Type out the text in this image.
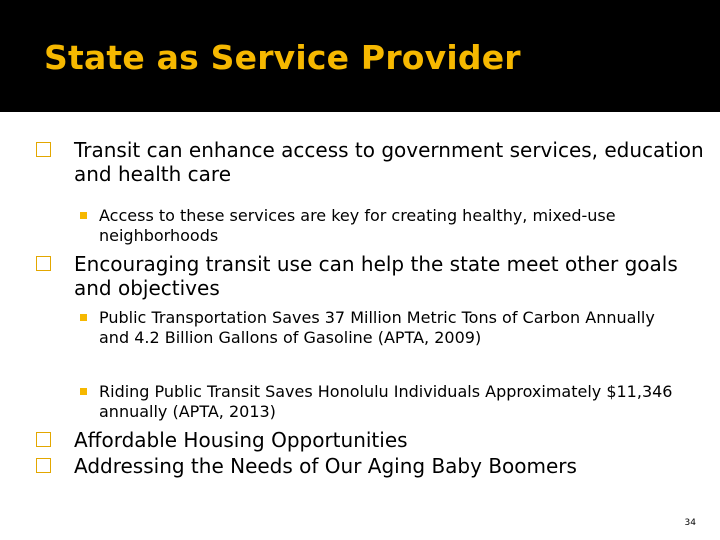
State as Service Provider
Transit can enhance access to government services, education and health care
Access to these services are key for creating healthy, mixed-use neighborhoods
Encouraging transit use can help the state meet other goals and objectives
Public Transportation Saves 37 Million Metric Tons of Carbon Annually and 4.2 Billion Gallons of Gasoline (APTA, 2009)
Riding Public Transit Saves Honolulu Individuals Approximately $11,346 annually (APTA, 2013)
Affordable Housing Opportunities
Addressing the Needs of Our Aging Baby Boomers
34
